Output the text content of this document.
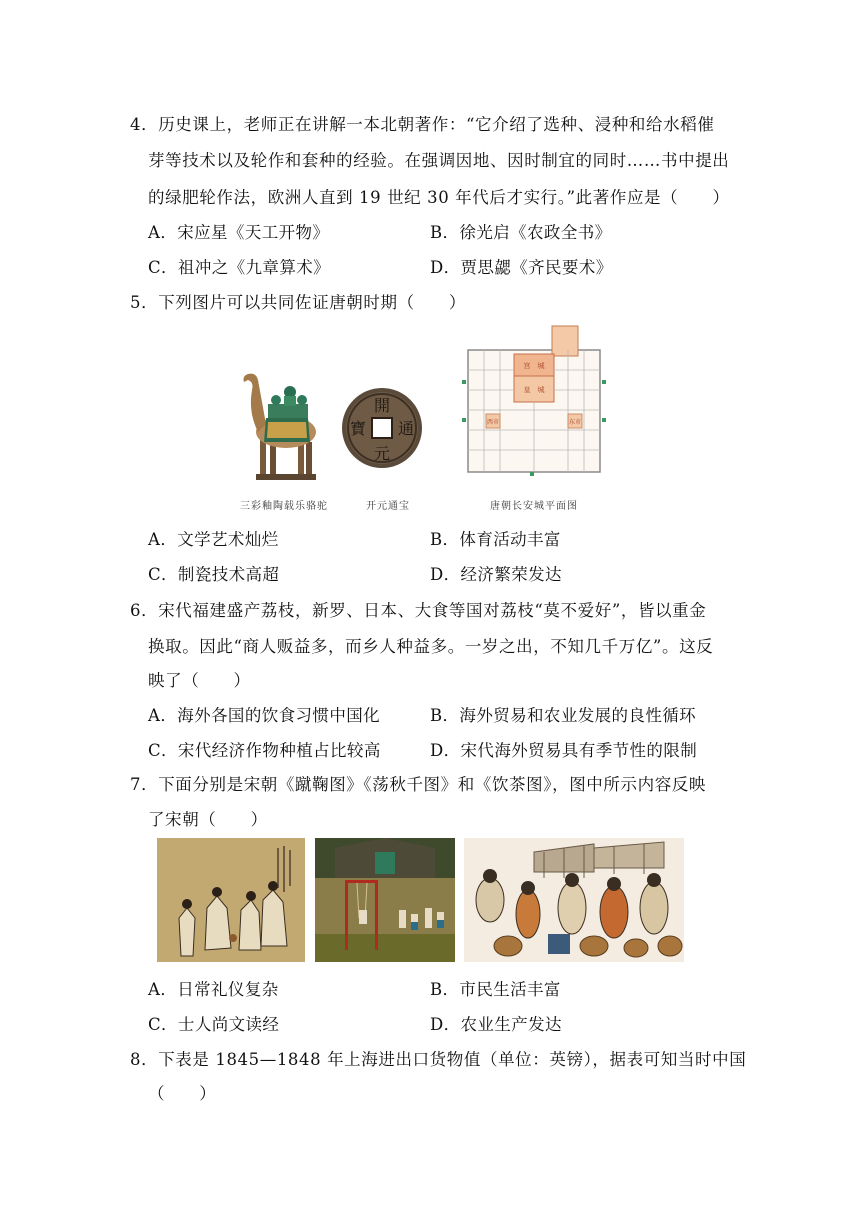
4．历史课上，老师正在讲解一本北朝著作：“它介绍了选种、浸种和给水稻催
芽等技术以及轮作和套种的经验。在强调因地、因时制宜的同时……书中提出
的绿肥轮作法，欧洲人直到 19 世纪 30 年代后才实行。”此著作应是（　　）
A．宋应星《天工开物》	B．徐光启《农政全书》
C．祖冲之《九章算术》	D．贾思勰《齐民要术》
5．下列图片可以共同佐证唐朝时期（　　）
開
元
寶 通
宫　城
皇　城
西市	东市
三彩釉陶载乐骆驼	开元通宝	唐朝长安城平面图
A．文学艺术灿烂	B．体育活动丰富
C．制瓷技术高超	D．经济繁荣发达
6．宋代福建盛产荔枝，新罗、日本、大食等国对荔枝“莫不爱好”，皆以重金
换取。因此“商人贩益多，而乡人种益多。一岁之出，不知几千万亿”。这反
映了（　　）
A．海外各国的饮食习惯中国化	B．海外贸易和农业发展的良性循环
C．宋代经济作物种植占比较高	D．宋代海外贸易具有季节性的限制
7．下面分别是宋朝《蹴鞠图》《荡秋千图》和《饮茶图》，图中所示内容反映
了宋朝（　　）
A．日常礼仪复杂	B．市民生活丰富
C．士人尚文读经	D．农业生产发达
8．下表是 1845—1848 年上海进出口货物值（单位：英镑），据表可知当时中国
（　　）
